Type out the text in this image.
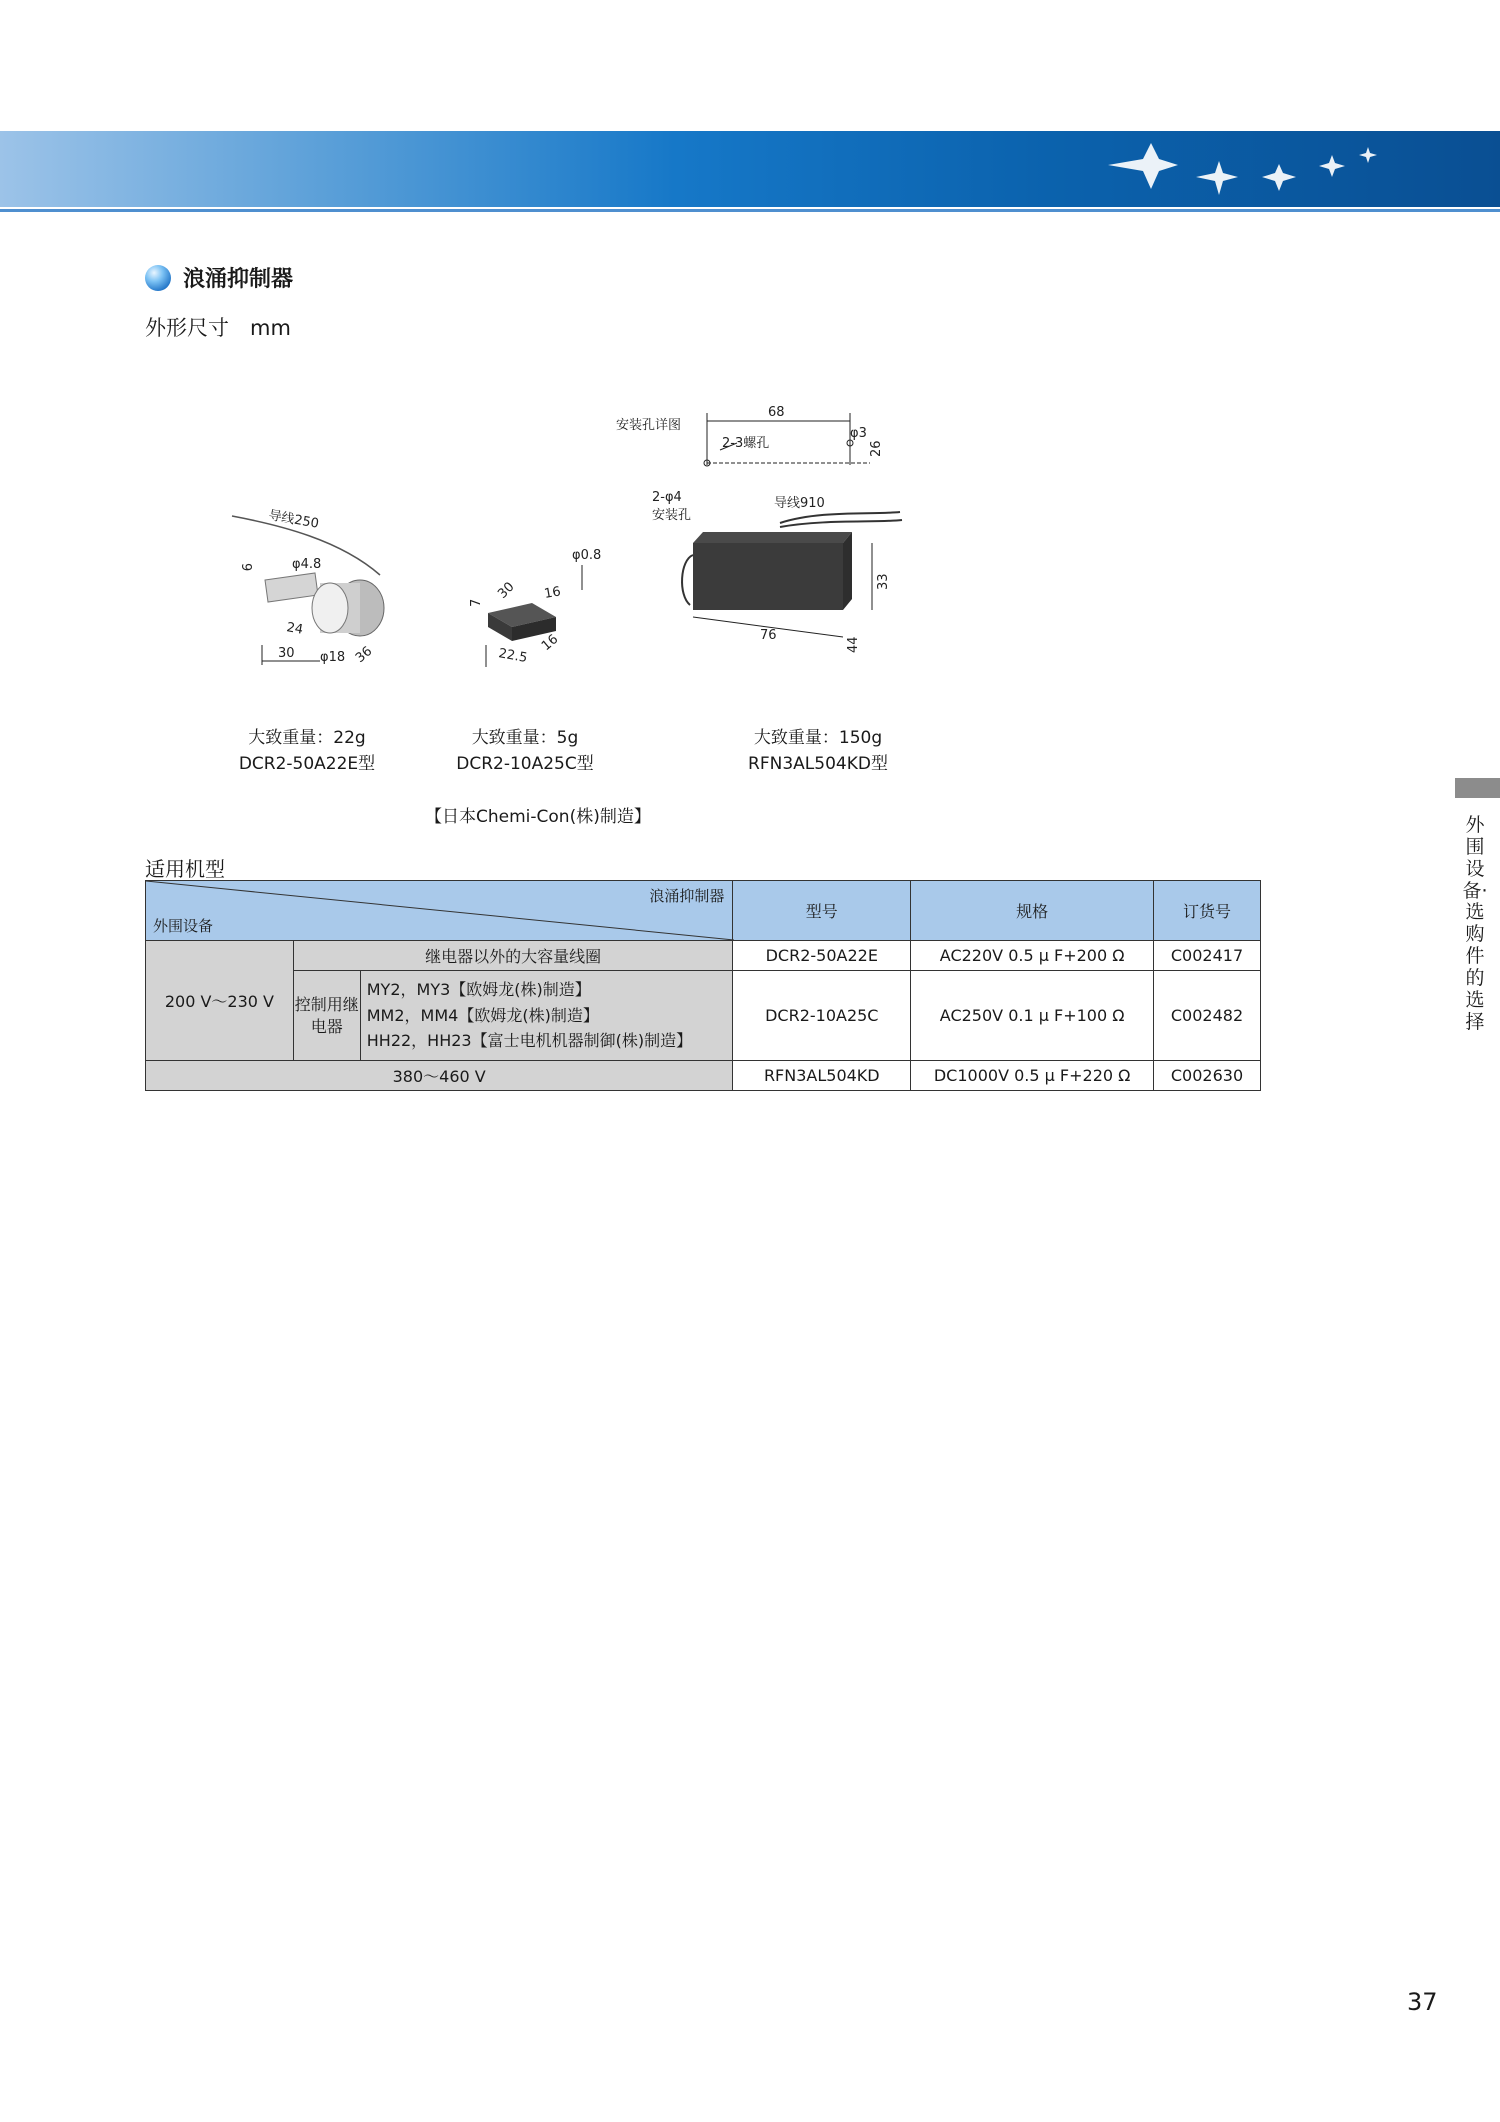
浪涌抑制器
外形尺寸　mm
安装孔详图
68
2-3螺孔	26
φ3
2-φ4
安装孔
导线910
76
33
44
导线250
9	φ4.8
24
30 φ18 36
φ0.8
7
30 16
16
22.5
大致重量：22g
DCR2-50A22E型
大致重量：5g
DCR2-10A25C型
大致重量：150g
RFN3AL504KD型
【日本Chemi-Con(株)制造】
适用机型
浪涌抑制器
外围设备			型号	规格	订货号
200 V～230 V	继电器以外的大容量线圈		DCR2-50A22E	AC220V 0.5 μ F+200 Ω	C002417
	控制用继电器	MY2，MY3【欧姆龙(株)制造】
MM2，MM4【欧姆龙(株)制造】
HH22，HH23【富士电机机器制御(株)制造】	DCR2-10A25C	AC250V 0.1 μ F+100 Ω	C002482
380～460 V			RFN3AL504KD	DC1000V 0.5 μ F+220 Ω	C002630
外围设备·选购件的选择
37
